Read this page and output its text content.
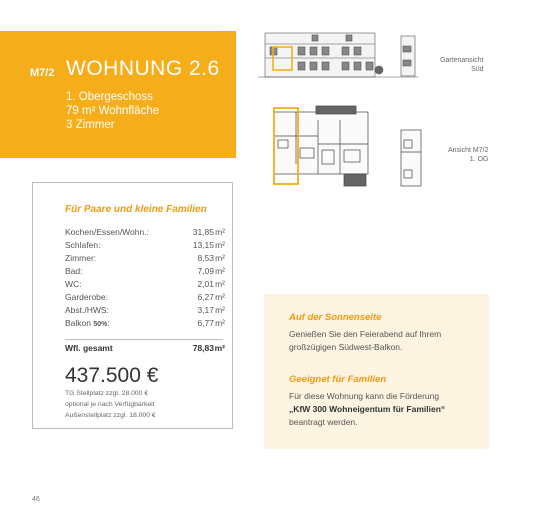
M7/2 WOHNUNG 2.6
1. Obergeschoss
79 m² Wohnfläche
3 Zimmer
Gartenansicht
Süd
Ansicht M7/2
1. OG
Für Paare und kleine Familien
Kochen/Essen/Wohn.:	31,85 m²
Schlafen:	13,15 m²
Zimmer:	8,53 m²
Bad:	7,09 m²
WC:	2,01 m²
Garderobe:	6,27 m²
Abst./HWS:	3,17 m²
Balkon 50%:	6,77 m²
Wfl. gesamt	78,83 m²
437.500 €
TG Stellplatz zzgl. 28.000 €
optional je nach Verfügbarkeit
Außenstellplatz zzgl. 18.000 €
Auf der Sonnenseite
Genießen Sie den Feierabend auf Ihrem großzügigen Südwest-Balkon.
Geeignet für Familien
Für diese Wohnung kann die Förderung
„KfW 300 Wohneigentum für Familien“
beantragt werden.
46
